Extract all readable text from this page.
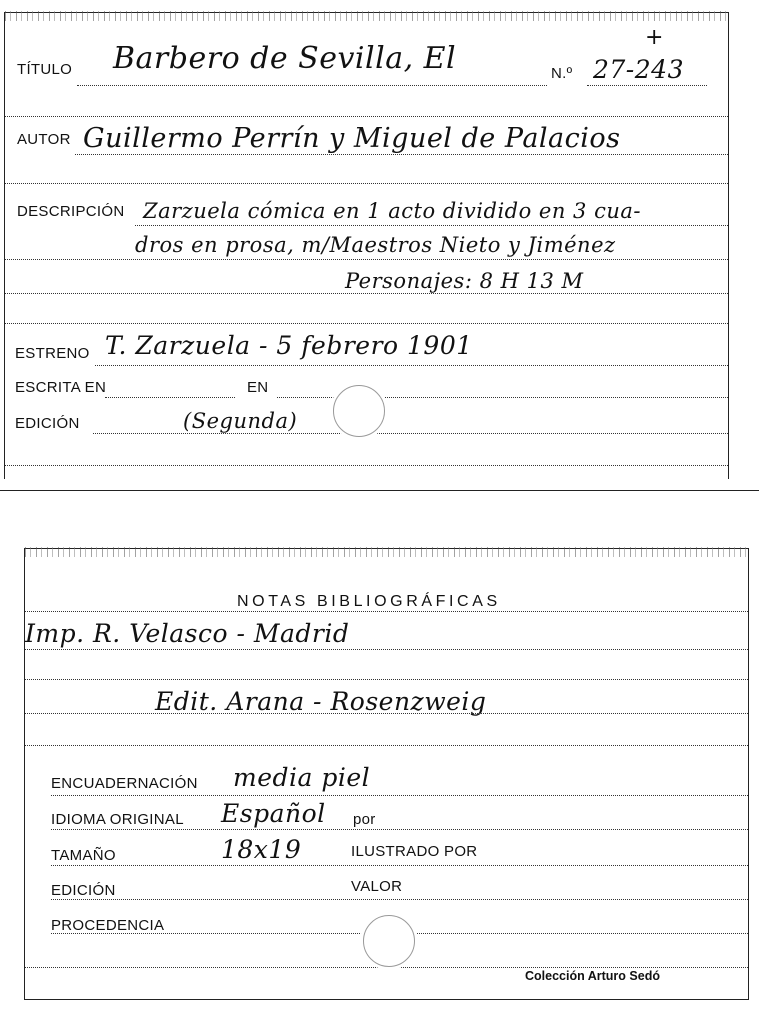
TÍTULO Barbero de Sevilla, El	N.º 27-243
+
AUTOR Guillermo Perrín y Miguel de Palacios
DESCRIPCIÓN Zarzuela cómica en 1 acto dividido en 3 cua-
dros en prosa, m/Maestros Nieto y Jiménez
Personajes: 8 H 13 M
ESTRENO T. Zarzuela - 5 febrero 1901
ESCRITA EN	EN
EDICIÓN	(Segunda)
NOTAS BIBLIOGRÁFICAS
Imp. R. Velasco - Madrid
Edit. Arana - Rosenzweig
ENCUADERNACIÓN media piel
IDIOMA ORIGINAL Español por
TAMAÑO	18x19	ILUSTRADO POR
EDICIÓN	VALOR
PROCEDENCIA
Colección Arturo Sedó
